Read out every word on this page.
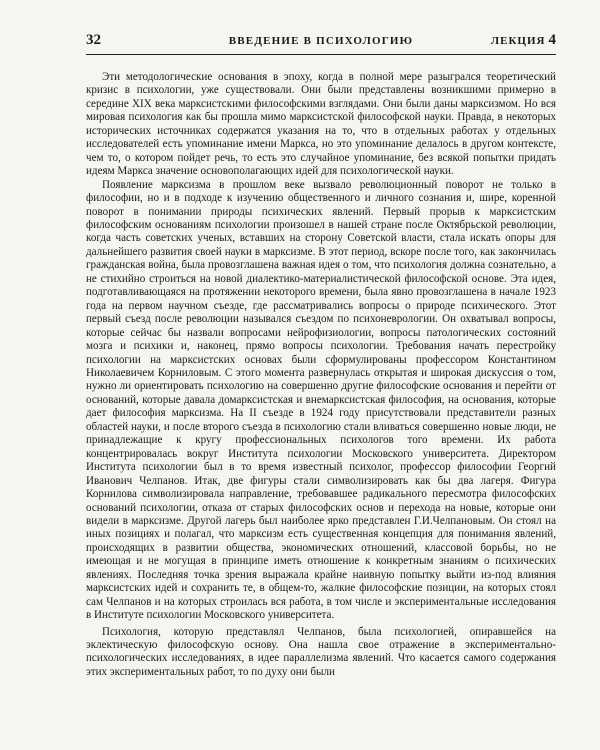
32	ВВЕДЕНИЕ В ПСИХОЛОГИЮ	ЛЕКЦИЯ 4

Эти методологические основания в эпоху, когда в полной мере разыгрался теоретический кризис в психологии, уже существовали. Они были представлены возникшими примерно в середине XIX века марксистскими философскими взглядами. Они были даны марксизмом. Но вся мировая психология как бы прошла мимо марксистской философской науки. Правда, в некоторых исторических источниках содержатся указания на то, что в отдельных работах у отдельных исследователей есть упоминание имени Маркса, но это упоминание делалось в другом контексте, чем то, о котором пойдет речь, то есть это случайное упоминание, без всякой попытки придать идеям Маркса значение основополагающих идей для психологической науки.

Появление марксизма в прошлом веке вызвало революционный поворот не только в философии, но и в подходе к изучению общественного и личного сознания и, шире, коренной поворот в понимании природы психических явлений. Первый прорыв к марксистским философским основаниям психологии произошел в нашей стране после Октябрьской революции, когда часть советских ученых, вставших на сторону Советской власти, стала искать опоры для дальнейшего развития своей науки в марксизме. В этот период, вскоре после того, как закончилась гражданская война, была провозглашена важная идея о том, что психология должна сознательно, а не стихийно строиться на новой диалектико-материалистической философской основе. Эта идея, подготавливающаяся на протяжении некоторого времени, была явно провозглашена в начале 1923 года на первом научном съезде, где рассматривались вопросы о природе психического. Этот первый съезд после революции назывался съездом по психоневрологии. Он охватывал вопросы, которые сейчас бы назвали вопросами нейрофизиологии, вопросы патологических состояний мозга и психики и, наконец, прямо вопросы психологии. Требования начать перестройку психологии на марксистских основах были сформулированы профессором Константином Николаевичем Корниловым. С этого момента развернулась открытая и широкая дискуссия о том, нужно ли ориентировать психологию на совершенно другие философские основания и перейти от оснований, которые давала домарксистская и внемарксистская философия, на основания, которые дает философия марксизма. На II съезде в 1924 году присутствовали представители разных областей науки, и после второго съезда в психологию стали вливаться совершенно новые люди, не принадлежащие к кругу профессиональных психологов того времени. Их работа концентрировалась вокруг Института психологии Московского университета. Директором Института психологии был в то время известный психолог, профессор философии Георгий Иванович Челпанов. Итак, две фигуры стали символизировать как бы два лагеря. Фигура Корнилова символизировала направление, требовавшее радикального пересмотра философских оснований психологии, отказа от старых философских основ и перехода на новые, которые они видели в марксизме. Другой лагерь был наиболее ярко представлен Г.И.Челпановым. Он стоял на иных позициях и полагал, что марксизм есть существенная концепция для понимания явлений, происходящих в развитии общества, экономических отношений, классовой борьбы, но не имеющая и не могущая в принципе иметь отношение к конкретным знаниям о психических явлениях. Последняя точка зрения выражала крайне наивную попытку выйти из-под влияния марксистских идей и сохранить те, в общем-то, жалкие философские позиции, на которых стоял сам Челпанов и на которых строилась вся работа, в том числе и экспериментальные исследования в Институте психологии Московского университета.

Психология, которую представлял Челпанов, была психологией, опиравшейся на эклектическую философскую основу. Она нашла свое отражение в экспериментально-психологических исследованиях, в идее параллелизма явлений. Что касается самого содержания этих экспериментальных работ, то по духу они были
